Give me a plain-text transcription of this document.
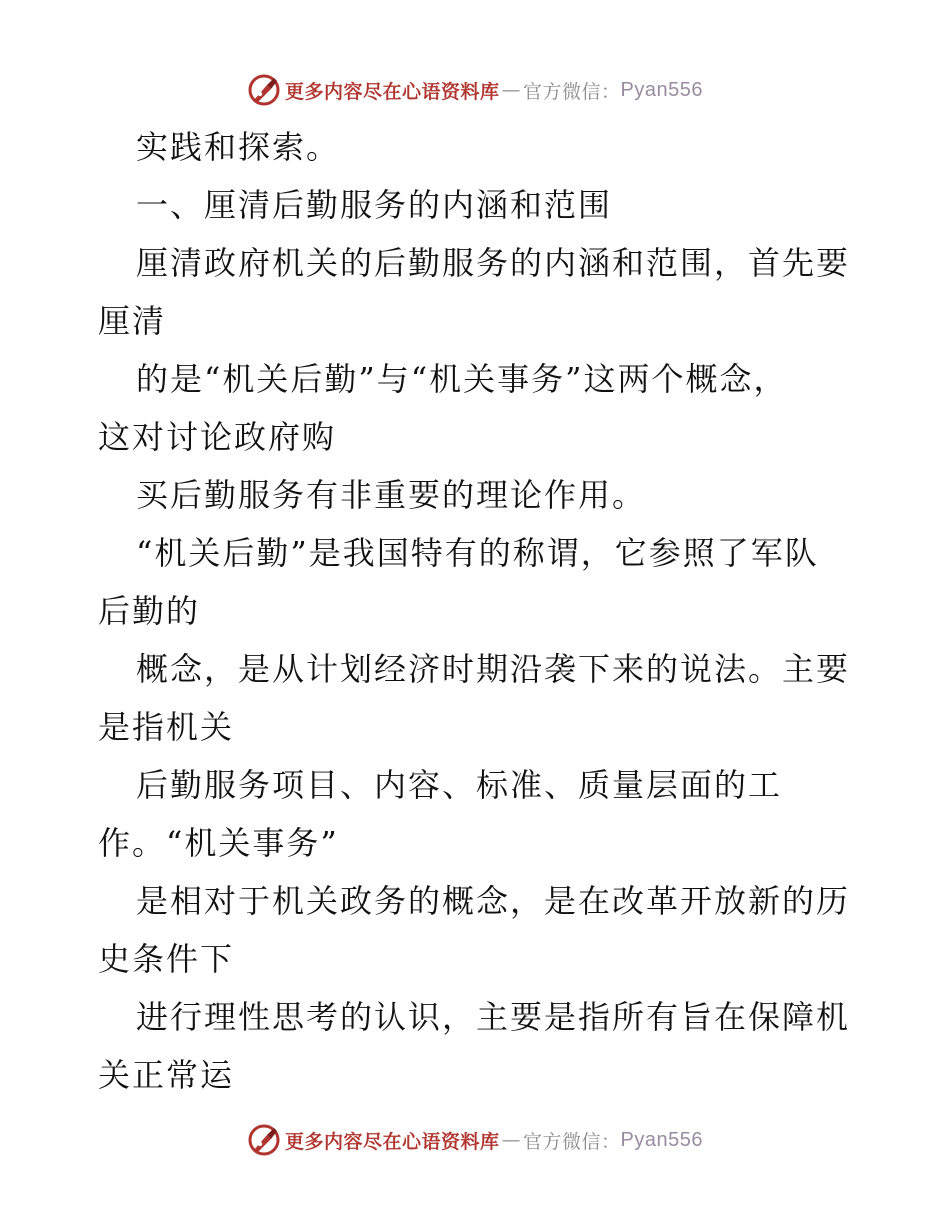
更多内容尽在心语资料库 — 官方微信： Pyan556
实践和探索。
一、厘清后勤服务的内涵和范围
厘清政府机关的后勤服务的内涵和范围，首先要
厘清
的是“机关后勤”与“机关事务”这两个概念，
这对讨论政府购
买后勤服务有非重要的理论作用。
“机关后勤”是我国特有的称谓，它参照了军队
后勤的
概念，是从计划经济时期沿袭下来的说法。主要
是指机关
后勤服务项目、内容、标准、质量层面的工
作。“机关事务”
是相对于机关政务的概念，是在改革开放新的历
史条件下
进行理性思考的认识，主要是指所有旨在保障机
关正常运
更多内容尽在心语资料库 — 官方微信： Pyan556
